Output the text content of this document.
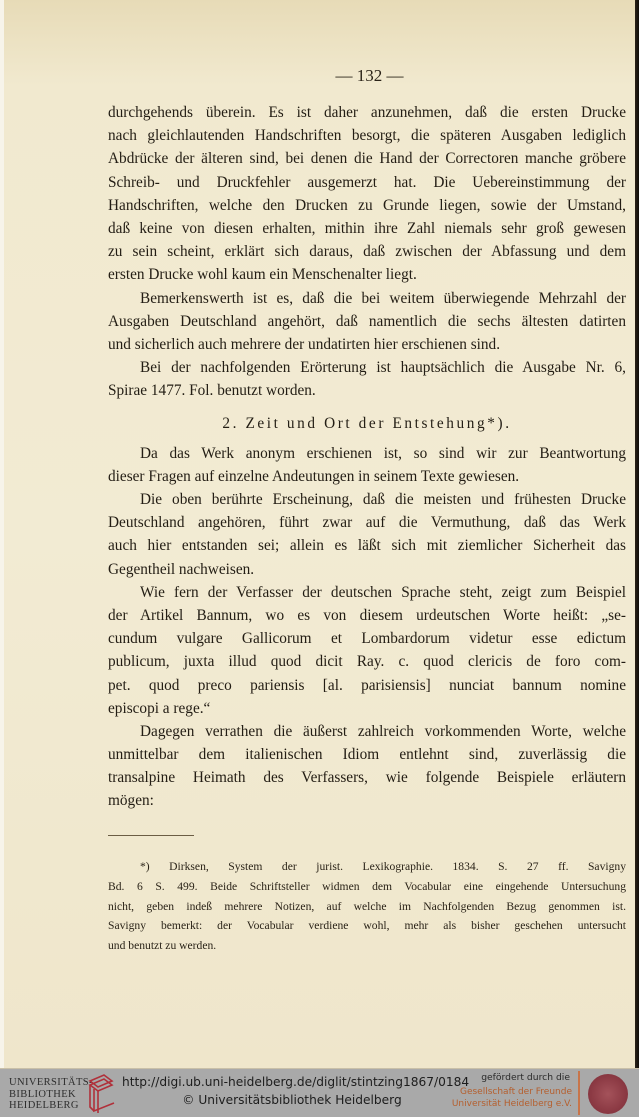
— 132 —
durchgehends überein. Es ist daher anzunehmen, daß die ersten Drucke
nach gleichlautenden Handschriften besorgt, die späteren Ausgaben lediglich
Abdrücke der älteren sind, bei denen die Hand der Correctoren manche gröbere
Schreib- und Druckfehler ausgemerzt hat. Die Uebereinstimmung der
Handschriften, welche den Drucken zu Grunde liegen, sowie der Umstand,
daß keine von diesen erhalten, mithin ihre Zahl niemals sehr groß gewesen
zu sein scheint, erklärt sich daraus, daß zwischen der Abfassung und dem
ersten Drucke wohl kaum ein Menschenalter liegt.
Bemerkenswerth ist es, daß die bei weitem überwiegende Mehrzahl der
Ausgaben Deutschland angehört, daß namentlich die sechs ältesten datirten
und sicherlich auch mehrere der undatirten hier erschienen sind.
Bei der nachfolgenden Erörterung ist hauptsächlich die Ausgabe Nr. 6,
Spirae 1477. Fol. benutzt worden.
2. Zeit und Ort der Entstehung*).
Da das Werk anonym erschienen ist, so sind wir zur Beantwortung
dieser Fragen auf einzelne Andeutungen in seinem Texte gewiesen.
Die oben berührte Erscheinung, daß die meisten und frühesten Drucke
Deutschland angehören, führt zwar auf die Vermuthung, daß das Werk
auch hier entstanden sei; allein es läßt sich mit ziemlicher Sicherheit das
Gegentheil nachweisen.
Wie fern der Verfasser der deutschen Sprache steht, zeigt zum Beispiel
der Artikel Bannum, wo es von diesem urdeutschen Worte heißt: „se-
cundum vulgare Gallicorum et Lombardorum videtur esse edictum
publicum, juxta illud quod dicit Ray. c. quod clericis de foro com-
pet. quod preco pariensis [al. parisiensis] nunciat bannum nomine
episcopi a rege.“
Dagegen verrathen die äußerst zahlreich vorkommenden Worte, welche
unmittelbar dem italienischen Idiom entlehnt sind, zuverlässig die
transalpine Heimath des Verfassers, wie folgende Beispiele erläutern
mögen:
*) Dirksen, System der jurist. Lexikographie. 1834. S. 27 ff. Savigny
Bd. 6 S. 499. Beide Schriftsteller widmen dem Vocabular eine eingehende Untersuchung
nicht, geben indeß mehrere Notizen, auf welche im Nachfolgenden Bezug genommen ist.
Savigny bemerkt: der Vocabular verdiene wohl, mehr als bisher geschehen untersucht
und benutzt zu werden.
UNIVERSITÄTS-
BIBLIOTHEK
HEIDELBERG
http://digi.ub.uni-heidelberg.de/diglit/stintzing1867/0184
© Universitätsbibliothek Heidelberg
gefördert durch die
Gesellschaft der Freunde
Universität Heidelberg e.V.
